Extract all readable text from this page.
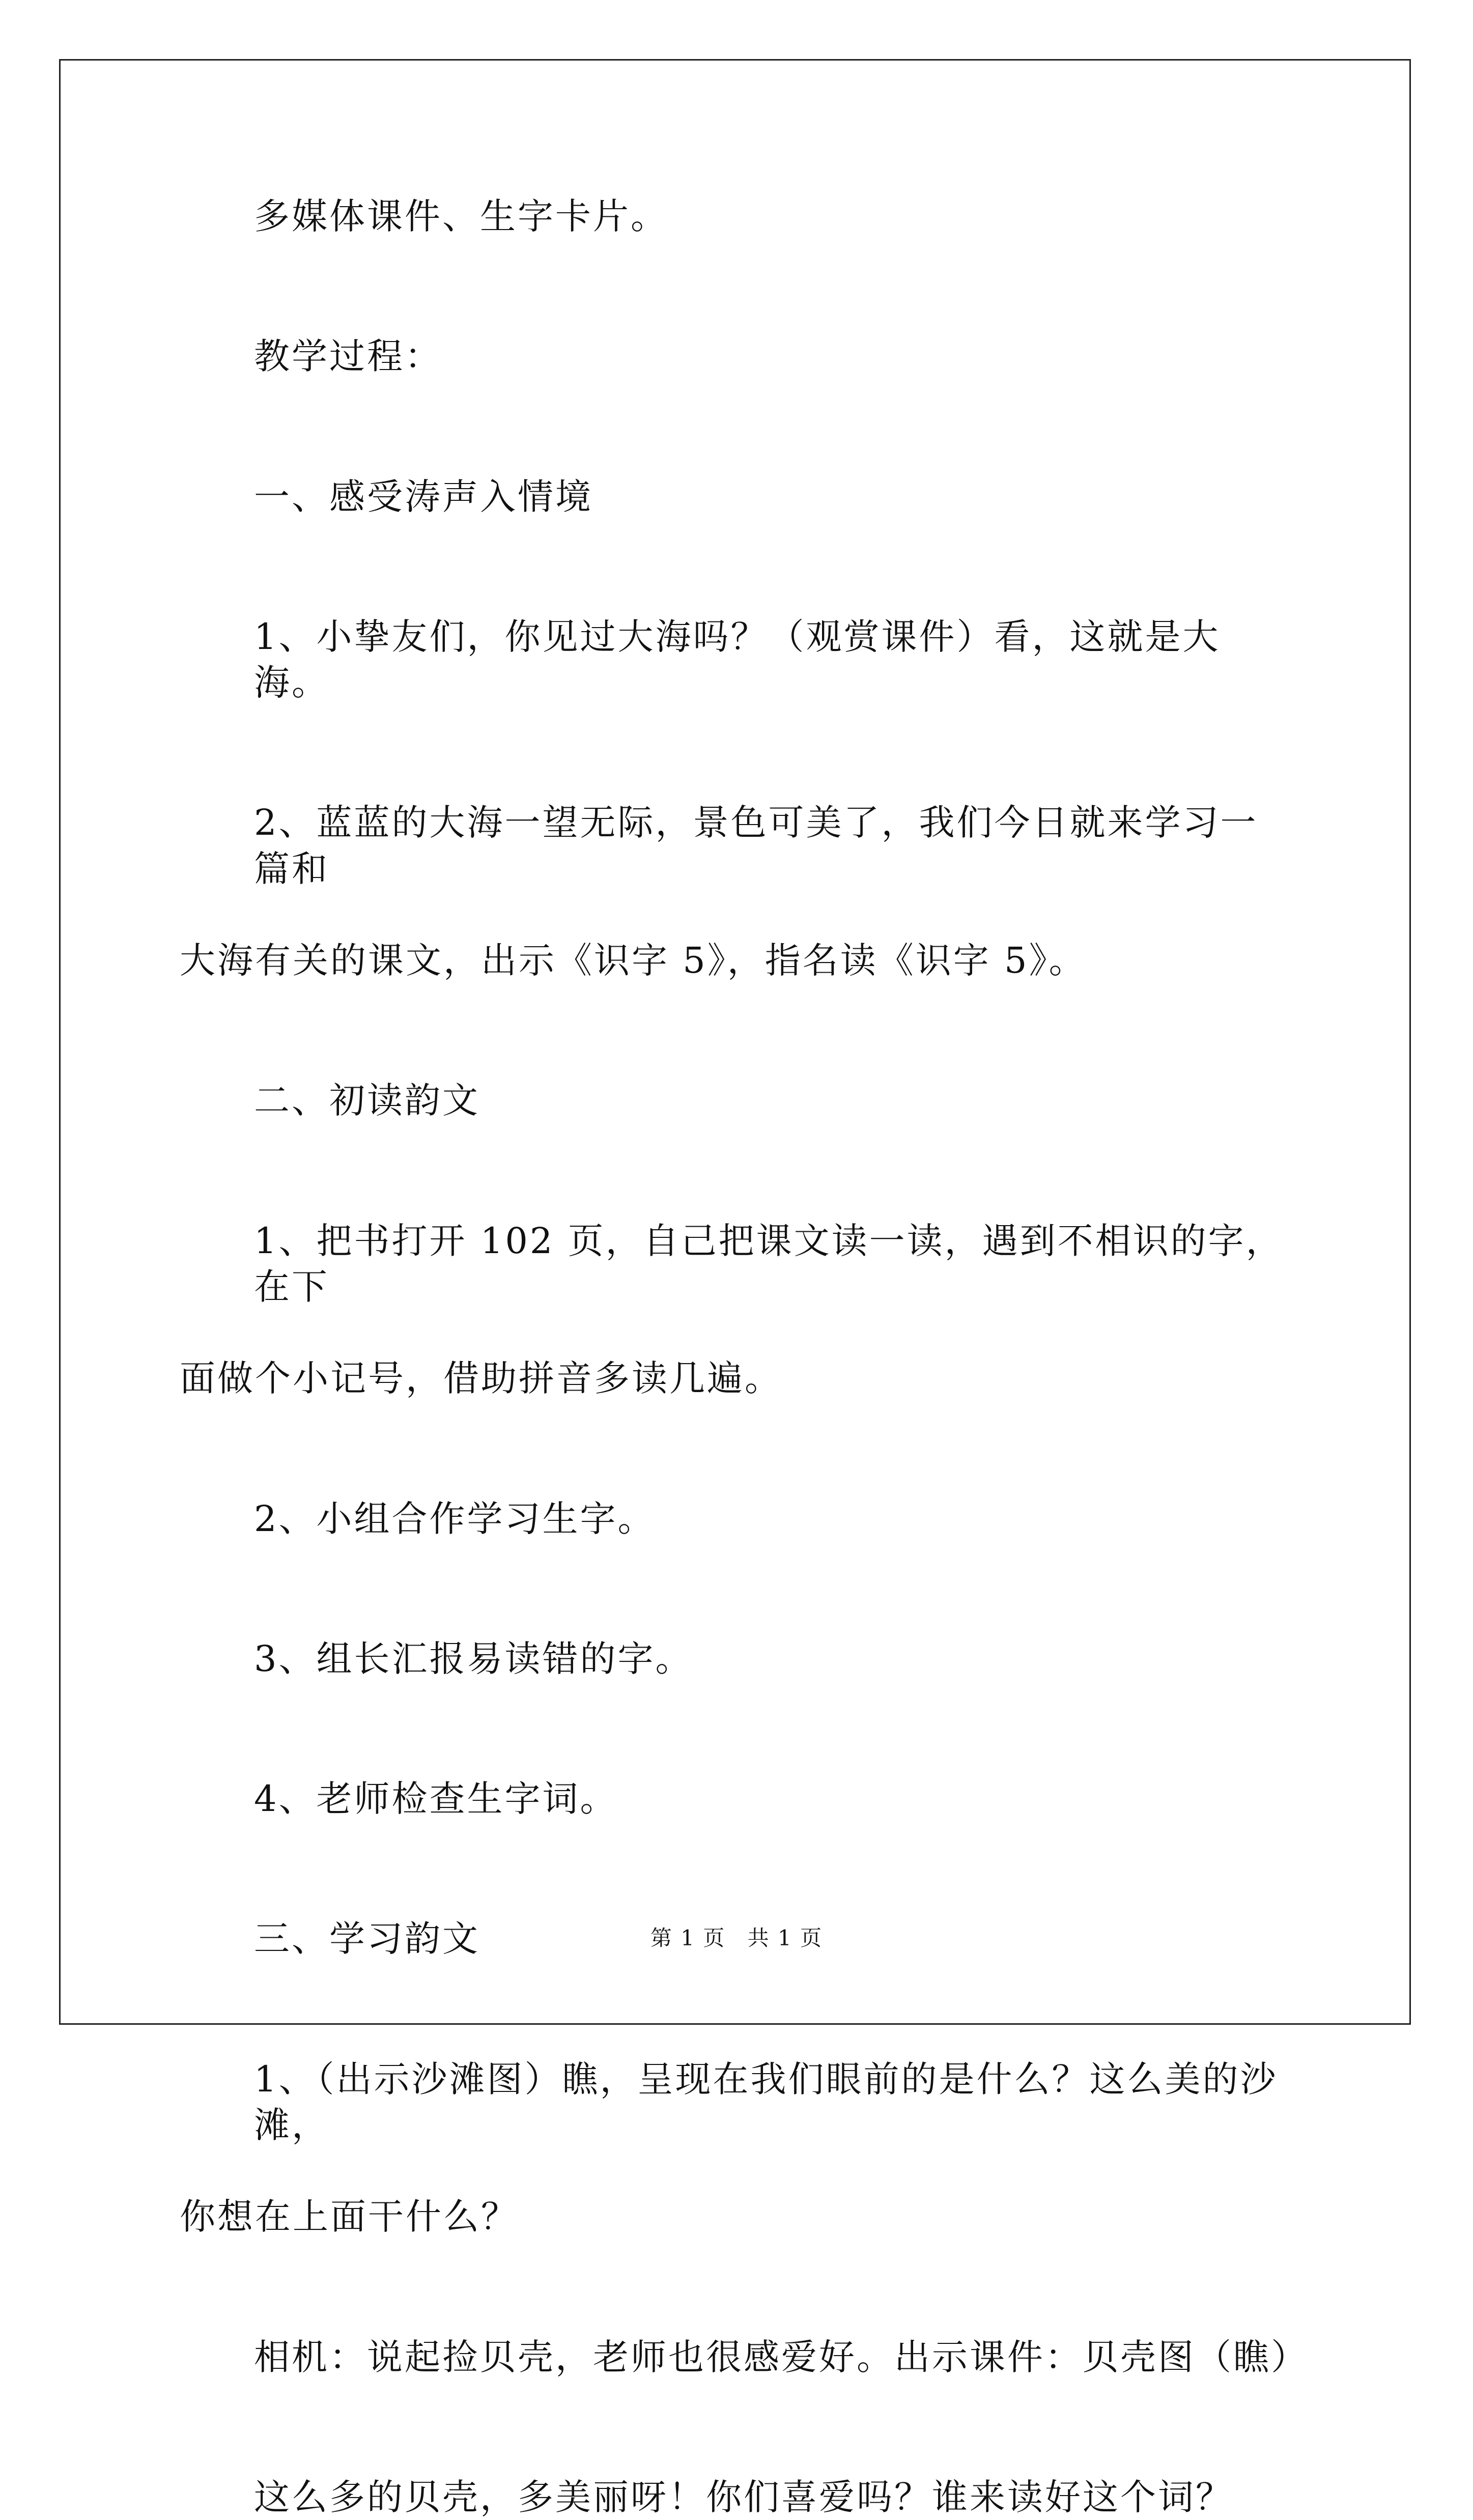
多媒体课件、生字卡片。

教学过程：

一、感受涛声入情境

1、小挚友们，你见过大海吗？（观赏课件）看，这就是大海。

2、蓝蓝的大海一望无际，景色可美了，我们今日就来学习一篇和
大海有关的课文，出示《识字 5》，指名读《识字 5》。

二、初读韵文

1、把书打开 102 页，自己把课文读一读，遇到不相识的字，在下
面做个小记号，借助拼音多读几遍。

2、小组合作学习生字。

3、组长汇报易读错的字。

4、老师检查生字词。

三、学习韵文

1、（出示沙滩图）瞧，呈现在我们眼前的是什么？这么美的沙滩，
你想在上面干什么？

相机：说起捡贝壳，老师也很感爱好。出示课件：贝壳图（瞧）

这么多的贝壳，多美丽呀！你们喜爱吗？谁来读好这个词？

第 1 页 共 1 页
